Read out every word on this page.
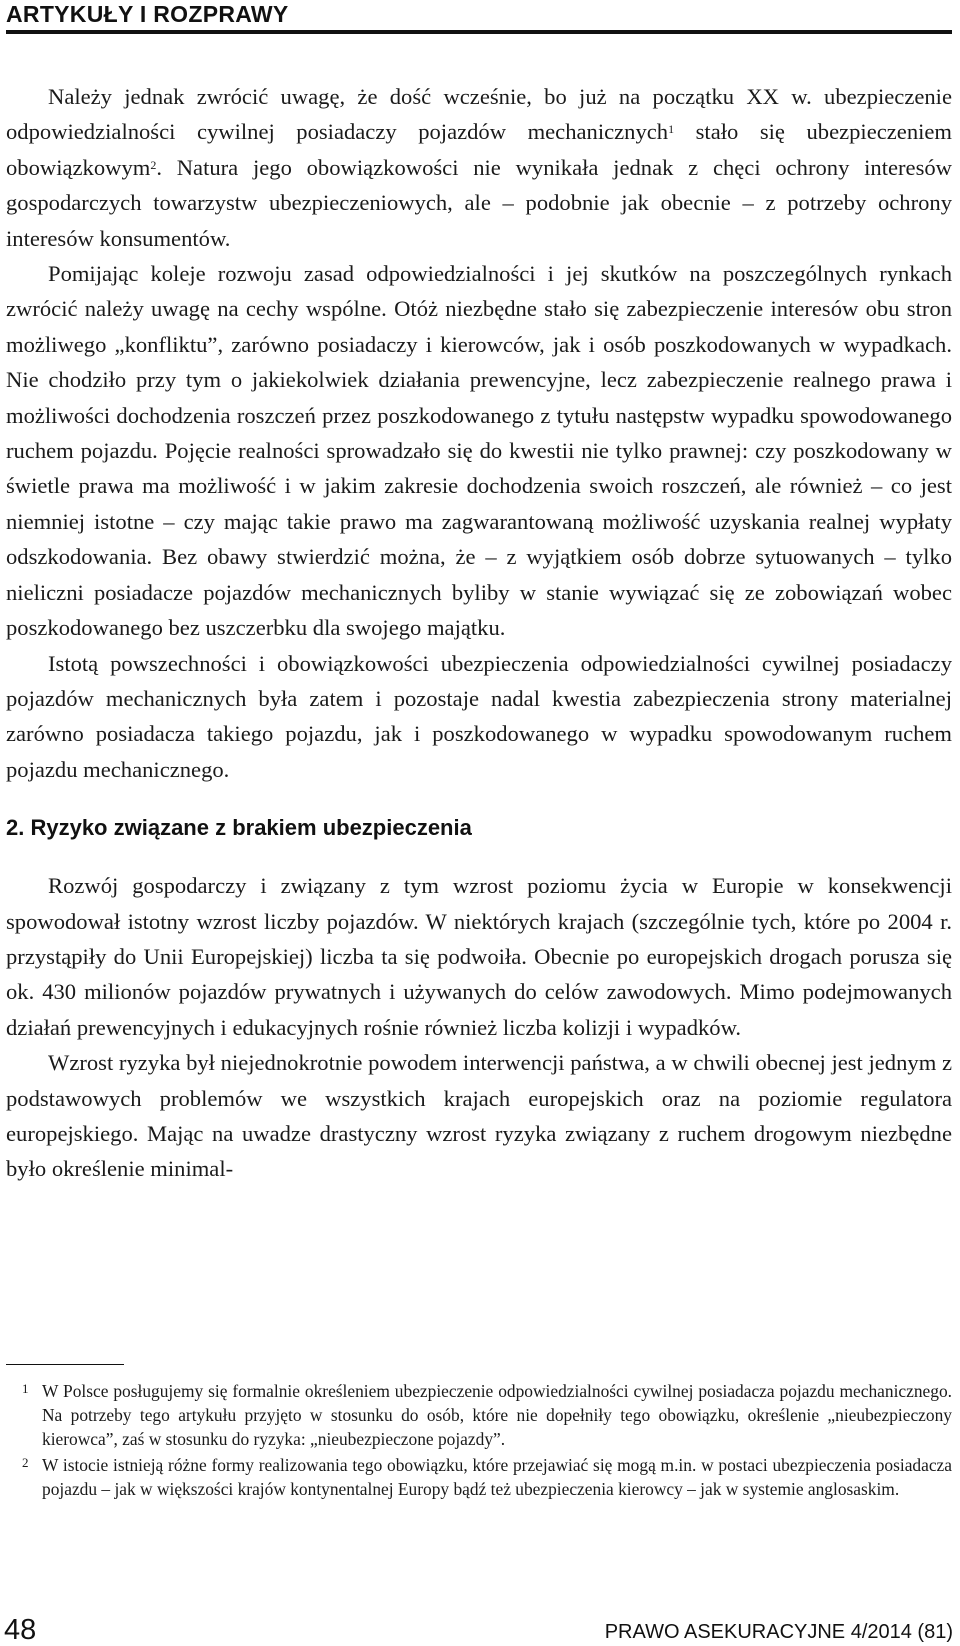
ARTYKUŁY I ROZPRAWY

Należy jednak zwrócić uwagę, że dość wcześnie, bo już na początku XX w. ubezpieczenie odpowiedzialności cywilnej posiadaczy pojazdów mechanicznych$^1$ stało się ubezpieczeniem obowiązkowym$^2$. Natura jego obowiązkowości nie wynikała jednak z chęci ochrony interesów gospodarczych towarzystw ubezpieczeniowych, ale – podobnie jak obecnie – z potrzeby ochrony interesów konsumentów.

Pomijając koleje rozwoju zasad odpowiedzialności i jej skutków na poszczególnych rynkach zwrócić należy uwagę na cechy wspólne. Otóż niezbędne stało się zabezpieczenie interesów obu stron możliwego „konfliktu”, zarówno posiadaczy i kierowców, jak i osób poszkodowanych w wypadkach. Nie chodziło przy tym o jakiekolwiek działania prewencyjne, lecz zabezpieczenie realnego prawa i możliwości dochodzenia roszczeń przez poszkodowanego z tytułu następstw wypadku spowodowanego ruchem pojazdu. Pojęcie realności sprowadzało się do kwestii nie tylko prawnej: czy poszkodowany w świetle prawa ma możliwość i w jakim zakresie dochodzenia swoich roszczeń, ale również – co jest niemniej istotne – czy mając takie prawo ma zagwarantowaną możliwość uzyskania realnej wypłaty odszkodowania. Bez obawy stwierdzić można, że – z wyjątkiem osób dobrze sytuowanych – tylko nieliczni posiadacze pojazdów mechanicznych byliby w stanie wywiązać się ze zobowiązań wobec poszkodowanego bez uszczerbku dla swojego majątku.

Istotą powszechności i obowiązkowości ubezpieczenia odpowiedzialności cywilnej posiadaczy pojazdów mechanicznych była zatem i pozostaje nadal kwestia zabezpieczenia strony materialnej zarówno posiadacza takiego pojazdu, jak i poszkodowanego w wypadku spowodowanym ruchem pojazdu mechanicznego.

2. Ryzyko związane z brakiem ubezpieczenia

Rozwój gospodarczy i związany z tym wzrost poziomu życia w Europie w konsekwencji spowodował istotny wzrost liczby pojazdów. W niektórych krajach (szczególnie tych, które po 2004 r. przystąpiły do Unii Europejskiej) liczba ta się podwoiła. Obecnie po europejskich drogach porusza się ok. 430 milionów pojazdów prywatnych i używanych do celów zawodowych. Mimo podejmowanych działań prewencyjnych i edukacyjnych rośnie również liczba kolizji i wypadków.

Wzrost ryzyka był niejednokrotnie powodem interwencji państwa, a w chwili obecnej jest jednym z podstawowych problemów we wszystkich krajach europejskich oraz na poziomie regulatora europejskiego. Mając na uwadze drastyczny wzrost ryzyka związany z ruchem drogowym niezbędne było określenie minimal-

1 W Polsce posługujemy się formalnie określeniem ubezpieczenie odpowiedzialności cywilnej posiadacza pojazdu mechanicznego. Na potrzeby tego artykułu przyjęto w stosunku do osób, które nie dopełniły tego obowiązku, określenie „nieubezpieczony kierowca”, zaś w stosunku do ryzyka: „nieubezpieczone pojazdy”.
2 W istocie istnieją różne formy realizowania tego obowiązku, które przejawiać się mogą m.in. w postaci ubezpieczenia posiadacza pojazdu – jak w większości krajów kontynentalnej Europy bądź też ubezpieczenia kierowcy – jak w systemie anglosaskim.
48	PRAWO ASEKURACYJNE 4/2014 (81)
